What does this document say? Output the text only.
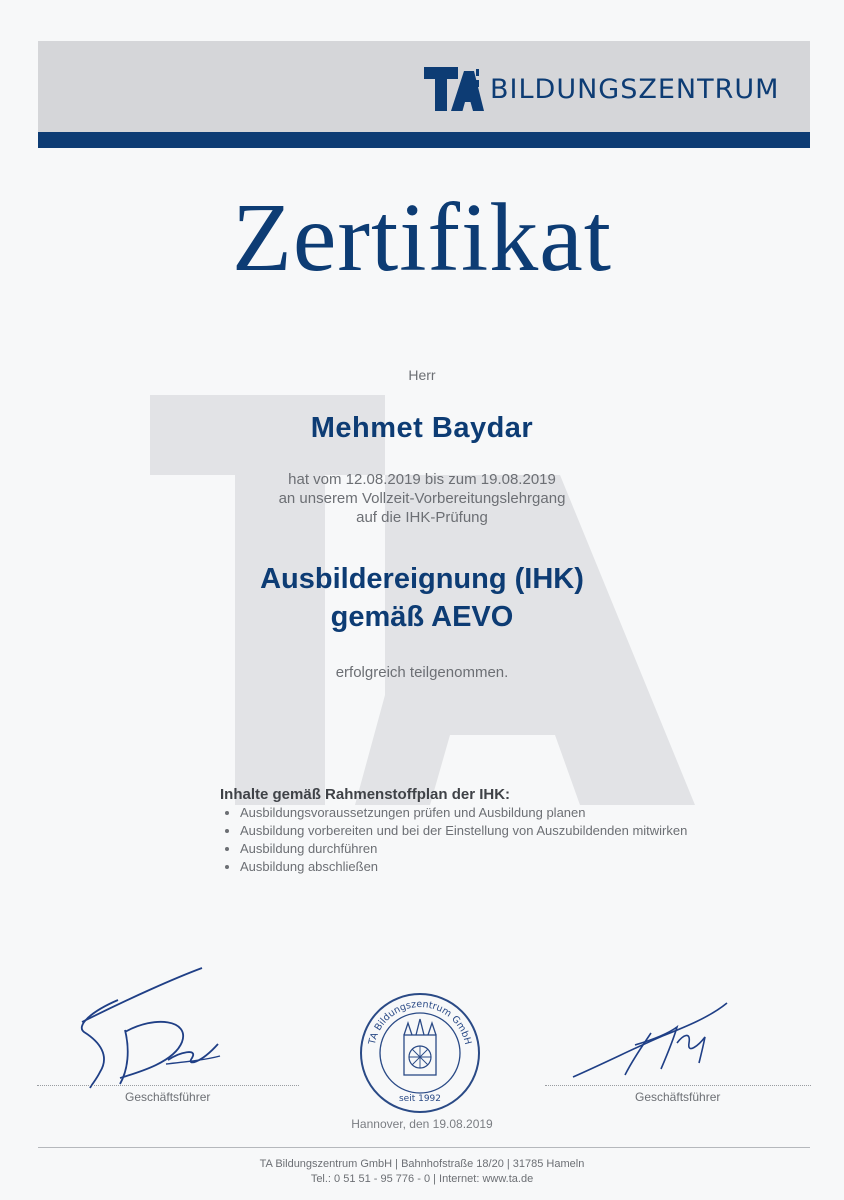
BILDUNGSZENTRUM
Zertifikat
Herr
Mehmet Baydar
hat vom 12.08.2019 bis zum 19.08.2019
an unserem Vollzeit-Vorbereitungslehrgang
auf die IHK-Prüfung
Ausbildereignung (IHK)
gemäß AEVO
erfolgreich teilgenommen.
Inhalte gemäß Rahmenstoffplan der IHK:
• Ausbildungsvoraussetzungen prüfen und Ausbildung planen
• Ausbildung vorbereiten und bei der Einstellung von Auszubildenden mitwirken
• Ausbildung durchführen
• Ausbildung abschließen
Geschäftsführer	Geschäftsführer
TA Bildungszentrum GmbH
seit 1992
Hannover, den 19.08.2019
TA Bildungszentrum GmbH | Bahnhofstraße 18/20 | 31785 Hameln
Tel.: 0 51 51 - 95 776 - 0 | Internet: www.ta.de
